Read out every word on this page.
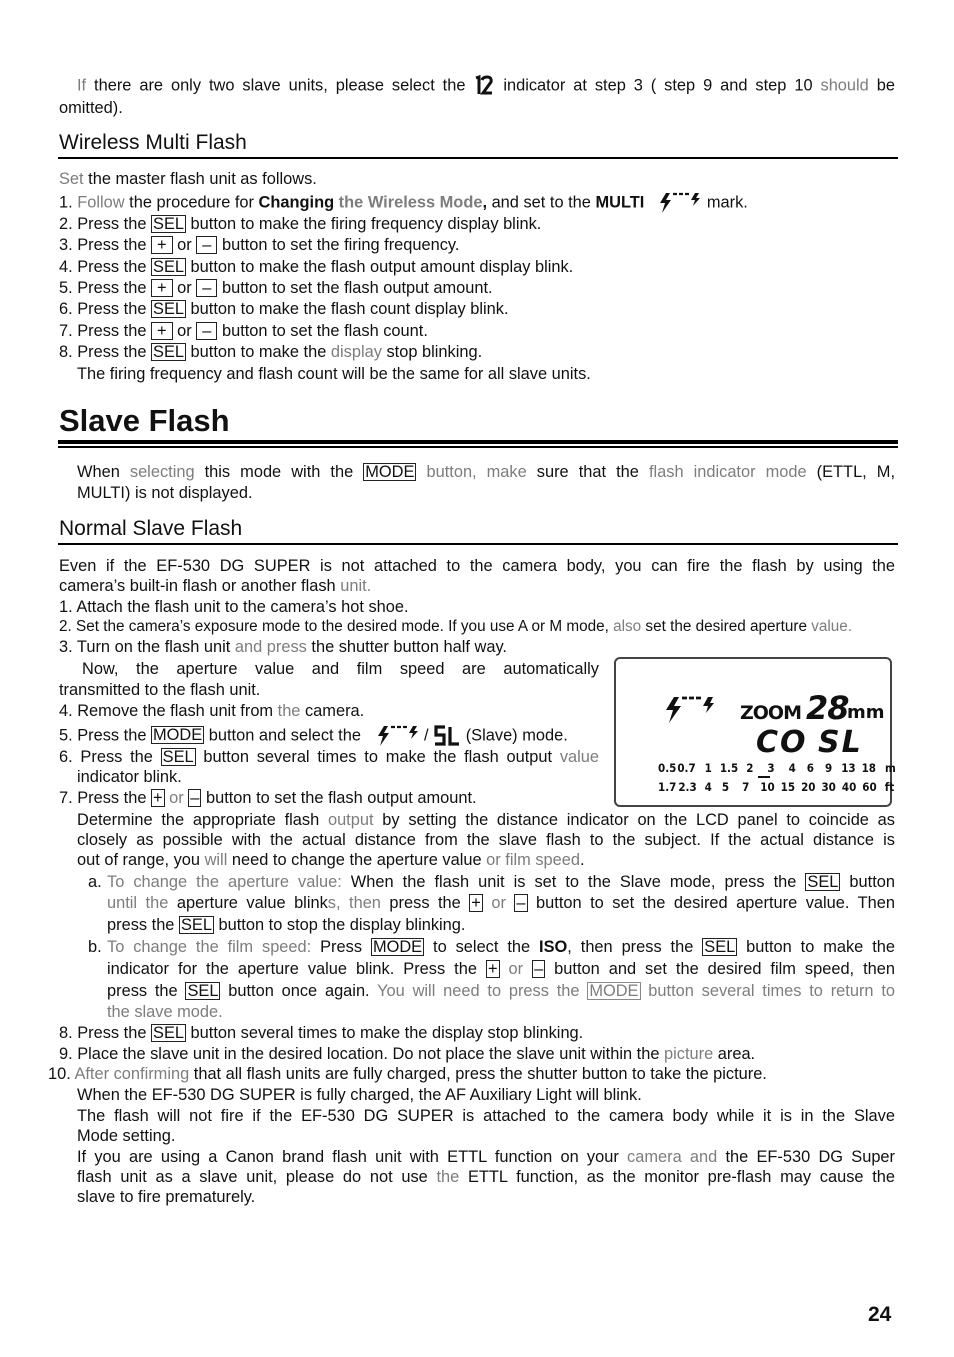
If there are only two slave units, please select the  indicator at step 3 ( step 9 and step 10 should be
omitted).
Wireless Multi Flash
Set the master flash unit as follows.
1. Follow the procedure for Changing the Wireless Mode, and set to the MULTI	mark.
2. Press the SEL button to make the firing frequency display blink.
3. Press the + or – button to set the firing frequency.
4. Press the SEL button to make the flash output amount display blink.
5. Press the + or – button to set the flash output amount.
6. Press the SEL button to make the flash count display blink.
7. Press the + or – button to set the flash count.
8. Press the SEL button to make the display stop blinking.
The firing frequency and flash count will be the same for all slave units.
Slave Flash
When selecting this mode with the MODE button, make sure that the flash indicator mode (ETTL, M,
MULTI) is not displayed.
Normal Slave Flash
Even if the EF-530 DG SUPER is not attached to the camera body, you can fire the flash by using the
camera’s built-in flash or another flash unit.
1. Attach the flash unit to the camera’s hot shoe.
2. Set the camera’s exposure mode to the desired mode. If you use A or M mode, also set the desired aperture value.
3. Turn on the flash unit and press the shutter button half way.
Now, the aperture value and film speed are automatically
transmitted to the flash unit.
4. Remove the flash unit from the camera.
5. Press the MODE button and select the	/  (Slave) mode.
6. Press the SEL button several times to make the flash output value
indicator blink.
7. Press the + or – button to set the flash output amount.
ZOOM 28
mm
CO SL
0.50.7 1 1.5 2 3 4 6 9 13 18 m
1.7 2.3 4 5 7 10 15 20 30 40 60 ft
Determine the appropriate flash output by setting the distance indicator on the LCD panel to coincide as
closely as possible with the actual distance from the slave flash to the subject. If the actual distance is
out of range, you will need to change the aperture value or film speed.
a. To change the aperture value: When the flash unit is set to the Slave mode, press the SEL button
until the aperture value blinks, then press the + or – button to set the desired aperture value. Then
press the SEL button to stop the display blinking.
b. To change the film speed: Press MODE to select the ISO, then press the SEL button to make the
indicator for the aperture value blink. Press the + or – button and set the desired film speed, then
press the SEL button once again. You will need to press the MODE button several times to return to
the slave mode.
8. Press the SEL button several times to make the display stop blinking.
9. Place the slave unit in the desired location. Do not place the slave unit within the picture area.
10. After confirming that all flash units are fully charged, press the shutter button to take the picture.
When the EF-530 DG SUPER is fully charged, the AF Auxiliary Light will blink.
The flash will not fire if the EF-530 DG SUPER is attached to the camera body while it is in the Slave
Mode setting.
If you are using a Canon brand flash unit with ETTL function on your camera and the EF-530 DG Super
flash unit as a slave unit, please do not use the ETTL function, as the monitor pre-flash may cause the
slave to fire prematurely.
24
